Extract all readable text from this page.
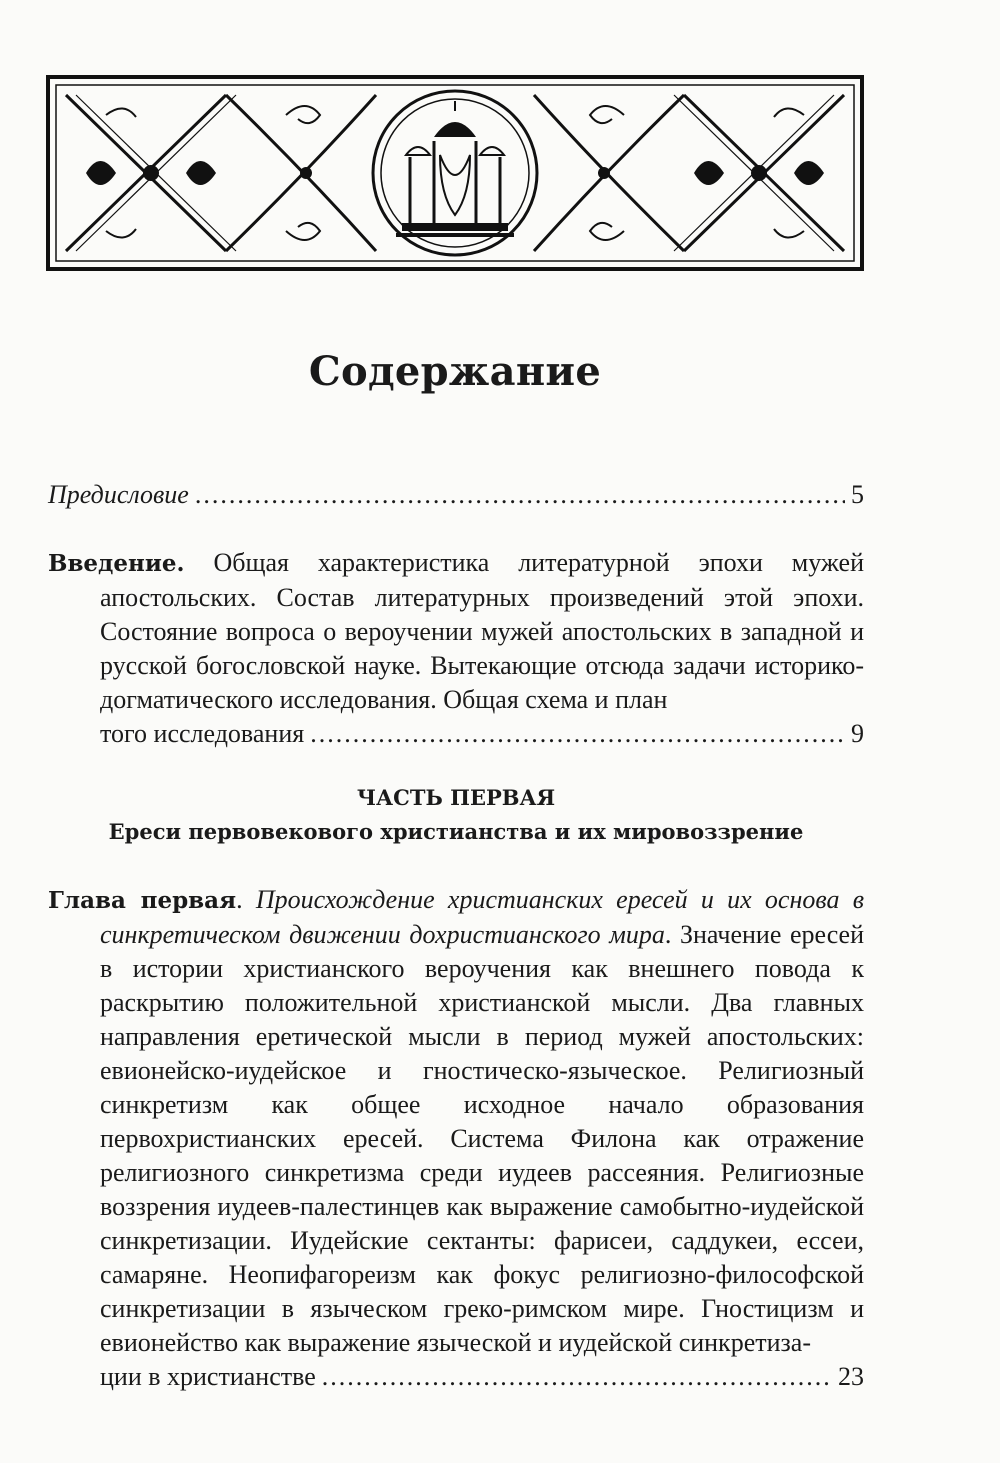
Содержание
Предисловие .....	5

Введение. Общая характеристика литературной эпохи мужей апостольских. Состав литературных произведений этой эпохи. Состояние вопроса о вероучении мужей апостольских в западной и русской богословской науке. Вытекающие отсюда задачи историко-догматического исследования. Общая схема и план

того исследования .....	9

ЧАСТЬ ПЕРВАЯ

Ереси первовекового христианства и их мировоззрение

Глава первая. Происхождение христианских ересей и их основа в синкретическом движении дохристианского мира. Значение ересей в истории христианского вероучения как внешнего повода к раскрытию положительной христианской мысли. Два главных направления еретической мысли в период мужей апостольских: евионейско-иудейское и гностическо-языческое. Религиозный синкретизм как общее исходное начало образования первохристианских ересей. Система Филона как отражение религиозного синкретизма среди иудеев рассеяния. Религиозные воззрения иудеев-палестинцев как выражение самобытно-иудейской синкретизации. Иудейские сектанты: фарисеи, саддукеи, ессеи, самаряне. Неопифагореизм как фокус религиозно-философской синкретизации в языческом греко-римском мире. Гностицизм и евионейство как выражение языческой и иудейской синкретиза-

ции в христианстве .....	23
